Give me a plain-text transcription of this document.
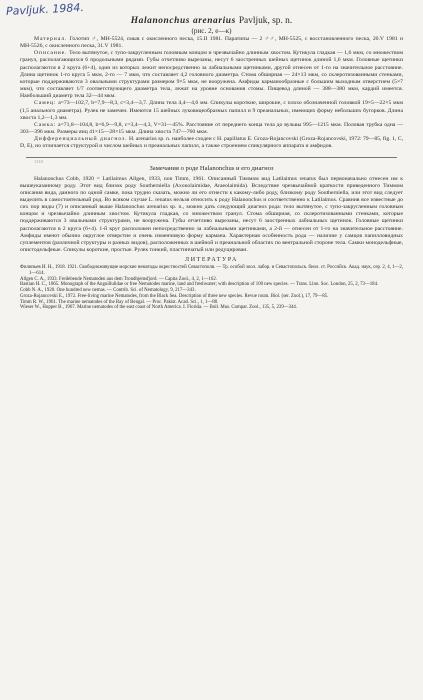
Pavljuk. 1984.
Halanonchus arenarius Pavljuk, sp. n.
(рис. 2, е—к)

Материал. Голотип ♂, МН-5524, смыв с окисленного песка, 15.II 1981. Паратипы — 2 ♂♂, МН-5525, с восстановленного песка, 20.V 1981 и МН-5526, с окисленного песка, 31.V 1981.

Описание. Тело вытянутое, с тупо-закругленным головным концом и чрезвычайно длинным хвостом. Кутикула гладкая — 1,6 мкм, со множеством гранул, располагающихся 6 продольными рядами. Губы отчетливо вырезаны, несут 6 заостренных шейных щетинок длиной 1,6 мкм. Головные щетинки располагаются в 2 круга (6+4), один из которых лежит непосредственно за лабиальными щетинками, другой отнесен от 1-го на значительное расстояние. Длина щетинок 1-го круга 5 мкм, 2-го — 7 мкм, что составляет 4,2 головного диаметра. Стома обширная — 24×13 мкм, со склеротизованными стенками, которые поддерживаются 3 овальными структурами размером 9×5 мкм, не вооружена. Амфиды карманообразные с большим выходным отверстием (5×7 мкм), что составляет 1/7 соответствующего диаметра тела, лежат на уровне основания стомы. Пищевод длиной — 388—380 мкм, кардий имеется. Наибольший диаметр тела 32—44 мкм.

Самец: a=73—102,7, b=7,9—8,3, c=3,4—3,7. Длина тела 4,4—4,6 мм. Спикулы короткие, широкие, с плохо обозначенной головкой 19×5—22×5 мкм (1,5 анального диаметра). Рулек не замечен. Имеются 15 шейных луковицеобразных папилл и 9 преанальных, имеющих форму небольших бугорков. Длина хвоста 1,2—1,3 мм.

Самка: a=71,8—104,8, b=6,9—9,8, c=3,4—4,3, V=31—45%. Расстояние от переднего конца тела до вульвы 995—1215 мкм. Половая трубка одна — 303—396 мкм. Размеры яиц 41×15—28×15 мкм. Длина хвоста 747—760 мкм.

Дифференциальный диагноз. H. arenarius sp. n. наиболее сходен с H. papillatus E. Groza-Rojancovski (Groza-Rojancovski, 1972: 79—85, fig. 1, C, D, E), но отличается структурой и числом шейных и преанальных папилл, а также строением спикулярного аппарата и амфидов.

1118
Замечания о роде Halanonchus и его диагноз

Halanonchus Cobb, 1920 = Latilaimus Allgen, 1933, non Timm, 1961. Описанный Тиммом вид Latilaimus renatus был первоначально отнесен им к вышеуказанному роду. Этот вид близок роду Southerniella (Axonolaimidae, Araeolaimida). Вследствие чрезвычайной краткости приведенного Тиммом описания вида, данного по одной самке, пока трудно сказать, можно ли его отнести к какому-либо роду, близкому роду Southerniella, или этот вид следует выделить в самостоятельный род. Во всяком случае L. renatus нельзя относить к роду Halanonchus и соответственно к Latilaimus. Сравнив все известные до сих пор виды (7) и описанный выше Halanonchus arenarius sp. n., можно дать следующий диагноз рода: тело вытянутое, с тупо-закругленным головным концом и чрезвычайно длинным хвостом. Кутикула гладкая, со множеством гранул. Стома обширная, со склеротизованными стенками, которые поддерживаются 3 овальными структурами, не вооружена. Губы отчетливо вырезаны, несут 6 заостренных лабиальных щетинок. Головные щетинки располагаются в 2 круга (6+4). 1-й круг расположен непосредственно за лабиальными щетинками, а 2-й — отнесен от 1-го на значительное расстояние. Амфиды имеют обычно округлое отверстие и очень изменчивую форму кармана. Характерная особенность рода — наличие у самцов папилловидных суплементов (различной структуры и разных видов), расположенных в шейной и преанальной областях по вентральной стороне тела. Самки монодельфные, опистодельфные. Спикулы короткие, простые. Рулек тонкий, пластинчатый или редуцирован.

ЛИТЕРАТУРА

Филипьев И. Н., 1918. 1921. Свободноживущие морские нематоды окрестностей Севастополя. — Тр. особой зоол. лабор. и Севастопольск. биол. ст. Российск. Акад. наук, сер. 2, 4, 1—2, 1—614.

Allgen C. A., 1933. Freilebende Nematoden aus dem Trondhjemsfjord. — Capita Zool., 4, 2, 1—162.

Bastian H. C., 1865. Monograph of the Anguillulidae or free Nematodes marine, land and freshwater; with description of 100 new species. — Trans. Linn. Soc. London, 25, 2, 73—184.

Cobb N. A., 1920. One hundred new nemas. — Contrib. Sci. of Nematology, 9, 217—343.

Groza-Rojancovski E., 1972. Free-living marine Nematodes, from the Black Sea. Description of three new species. Revue roum. Biol. (ser. Zool.), 17, 79—85.

Timm R. W., 1961. The marine nematodes of the Bay of Bengal. — Proc. Pakist. Acad. Sci., 1, 1—88.

Wieser W., Hopper B., 1967. Marine nematodes of the east coast of North America. I. Florida. — Bull. Mus. Compar. Zool., 135, 5, 239—344.
